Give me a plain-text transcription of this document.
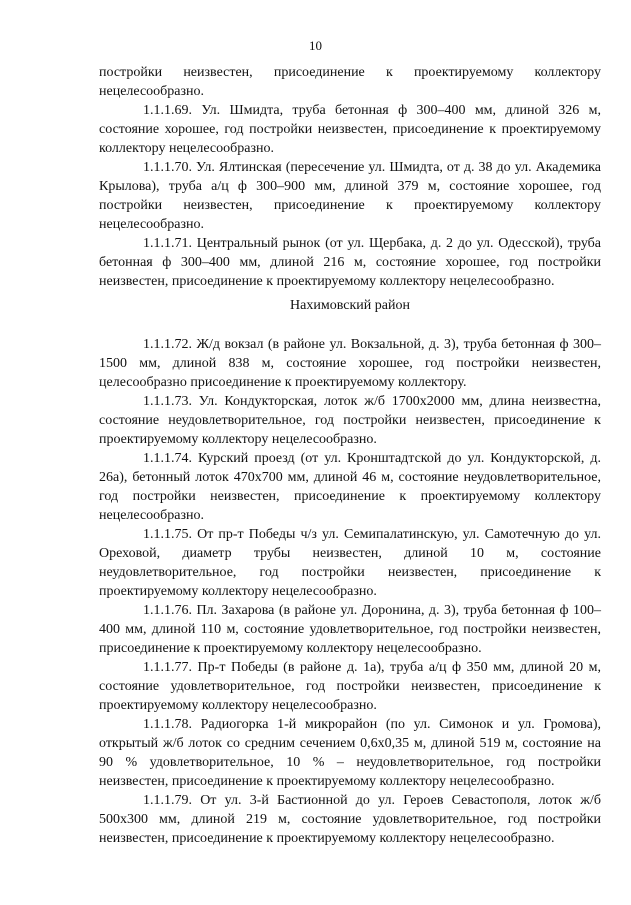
10

постройки неизвестен, присоединение к проектируемому коллектору нецелесообразно.

1.1.1.69. Ул. Шмидта, труба бетонная ф 300–400 мм, длиной 326 м, состояние хорошее, год постройки неизвестен, присоединение к проектируемому коллектору нецелесообразно.

1.1.1.70. Ул. Ялтинская (пересечение ул. Шмидта, от д. 38 до ул. Академика Крылова), труба а/ц ф 300–900 мм, длиной 379 м, состояние хорошее, год постройки неизвестен, присоединение к проектируемому коллектору нецелесообразно.

1.1.1.71. Центральный рынок (от ул. Щербака, д. 2 до ул. Одесской), труба бетонная ф 300–400 мм, длиной 216 м, состояние хорошее, год постройки неизвестен, присоединение к проектируемому коллектору нецелесообразно.

Нахимовский район

1.1.1.72. Ж/д вокзал (в районе ул. Вокзальной, д. 3), труба бетонная ф 300–1500 мм, длиной 838 м, состояние хорошее, год постройки неизвестен, целесообразно присоединение к проектируемому коллектору.

1.1.1.73. Ул. Кондукторская, лоток ж/б 1700x2000 мм, длина неизвестна, состояние неудовлетворительное, год постройки неизвестен, присоединение к проектируемому коллектору нецелесообразно.

1.1.1.74. Курский проезд (от ул. Кронштадтской до ул. Кондукторской, д. 26а), бетонный лоток 470x700 мм, длиной 46 м, состояние неудовлетворительное, год постройки неизвестен, присоединение к проектируемому коллектору нецелесообразно.

1.1.1.75. От пр-т Победы ч/з ул. Семипалатинскую, ул. Самотечную до ул. Ореховой, диаметр трубы неизвестен, длиной 10 м, состояние неудовлетворительное, год постройки неизвестен, присоединение к проектируемому коллектору нецелесообразно.

1.1.1.76. Пл. Захарова (в районе ул. Доронина, д. 3), труба бетонная ф 100–400 мм, длиной 110 м, состояние удовлетворительное, год постройки неизвестен, присоединение к проектируемому коллектору нецелесообразно.

1.1.1.77. Пр-т Победы (в районе д. 1а), труба а/ц ф 350 мм, длиной 20 м, состояние удовлетворительное, год постройки неизвестен, присоединение к проектируемому коллектору нецелесообразно.

1.1.1.78. Радиогорка 1-й микрорайон (по ул. Симонок и ул. Громова), открытый ж/б лоток со средним сечением 0,6x0,35 м, длиной 519 м, состояние на 90 % удовлетворительное, 10 % – неудовлетворительное, год постройки неизвестен, присоединение к проектируемому коллектору нецелесообразно.

1.1.1.79. От ул. 3-й Бастионной до ул. Героев Севастополя, лоток ж/б 500x300 мм, длиной 219 м, состояние удовлетворительное, год постройки неизвестен, присоединение к проектируемому коллектору нецелесообразно.
